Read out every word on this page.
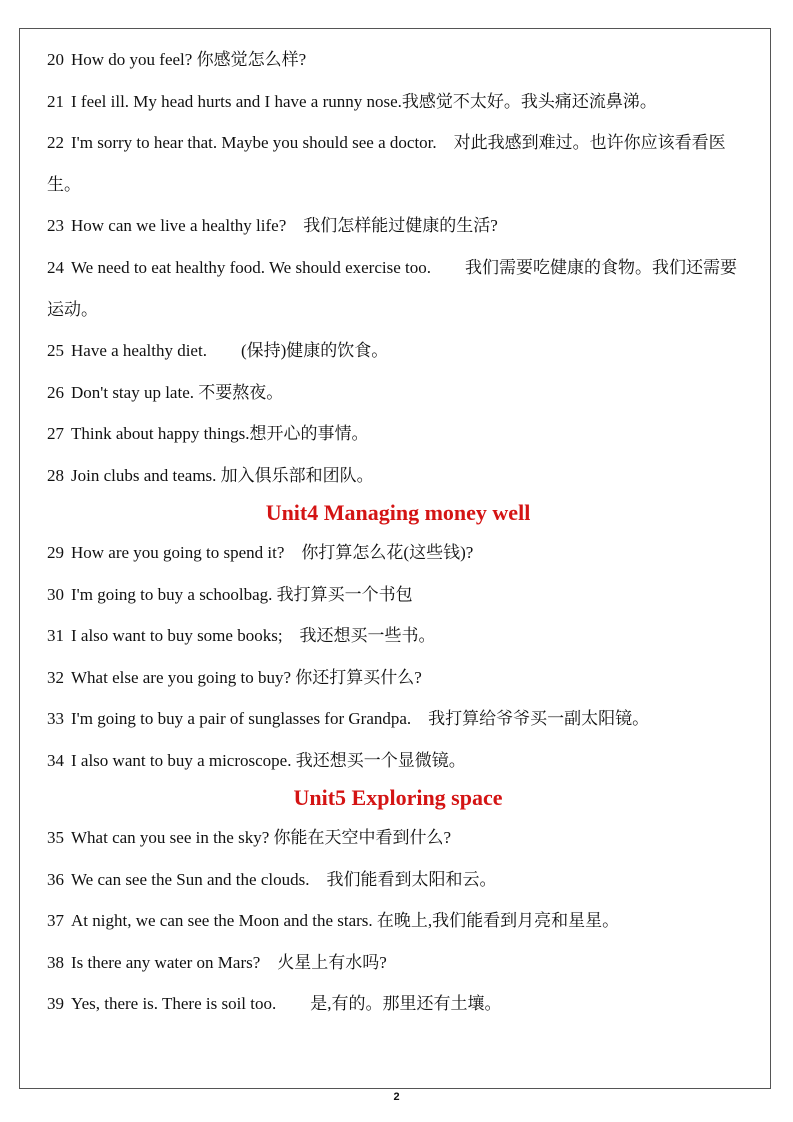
20 How do you feel? 你感觉怎么样?
21 I feel ill. My head hurts and I have a runny nose.我感觉不太好。我头痛还流鼻涕。
22 I'm sorry to hear that. Maybe you should see a doctor.　对此我感到难过。也许你应该看看医生。
23 How can we live a healthy life?　我们怎样能过健康的生活?
24 We need to eat healthy food. We should exercise too.　　我们需要吃健康的食物。我们还需要运动。
25 Have a healthy diet.　　(保持)健康的饮食。
26 Don't stay up late. 不要熬夜。
27 Think about happy things.想开心的事情。
28 Join clubs and teams. 加入俱乐部和团队。
Unit4 Managing money well
29 How are you going to spend it?　你打算怎么花(这些钱)?
30 I'm going to buy a schoolbag. 我打算买一个书包
31 I also want to buy some books;　我还想买一些书。
32 What else are you going to buy? 你还打算买什么?
33 I'm going to buy a pair of sunglasses for Grandpa.　我打算给爷爷买一副太阳镜。
34 I also want to buy a microscope. 我还想买一个显微镜。
Unit5 Exploring space
35 What can you see in the sky? 你能在天空中看到什么?
36 We can see the Sun and the clouds.　我们能看到太阳和云。
37 At night, we can see the Moon and the stars. 在晚上,我们能看到月亮和星星。
38 Is there any water on Mars?　火星上有水吗?
39 Yes, there is. There is soil too.　　是,有的。那里还有土壤。
2
